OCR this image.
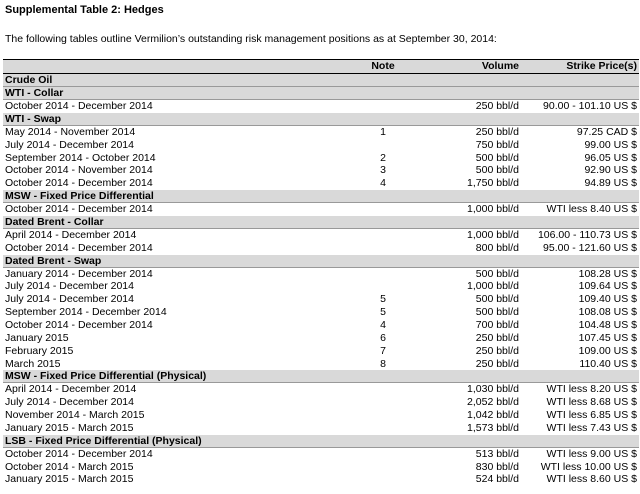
Supplemental Table 2: Hedges
The following tables outline Vermilion’s outstanding risk management positions as at September 30, 2014:
Note	Volume	Strike Price(s)
Crude Oil
WTI - Collar
October 2014 - December 2014	250 bbl/d 90.00 - 101.10 US $
WTI - Swap
May 2014 - November 2014	1	250 bbl/d	97.25 CAD $
July 2014 - December 2014	750 bbl/d	99.00 US $
September 2014 - October 2014	2	500 bbl/d	96.05 US $
October 2014 - November 2014	3	500 bbl/d	92.90 US $
October 2014 - December 2014	4	1,750 bbl/d	94.89 US $
MSW - Fixed Price Differential
October 2014 - December 2014	1,000 bbl/d	WTI less 8.40 US $
Dated Brent - Collar
April 2014 - December 2014	1,000 bbl/d 106.00 - 110.73 US $
October 2014 - December 2014	800 bbl/d 95.00 - 121.60 US $
Dated Brent - Swap
January 2014 - December 2014	500 bbl/d	108.28 US $
July 2014 - December 2014	1,000 bbl/d	109.64 US $
July 2014 - December 2014	5	500 bbl/d	109.40 US $
September 2014 - December 2014	5	500 bbl/d	108.08 US $
October 2014 - December 2014	4	700 bbl/d	104.48 US $
January 2015	6	250 bbl/d	107.45 US $
February 2015	7	250 bbl/d	109.00 US $
March 2015	8	250 bbl/d	110.40 US $
MSW - Fixed Price Differential (Physical)
April 2014 - December 2014	1,030 bbl/d	WTI less 8.20 US $
July 2014 - December 2014	2,052 bbl/d	WTI less 8.68 US $
November 2014 - March 2015	1,042 bbl/d	WTI less 6.85 US $
January 2015 - March 2015	1,573 bbl/d	WTI less 7.43 US $
LSB - Fixed Price Differential (Physical)
October 2014 - December 2014	513 bbl/d	WTI less 9.00 US $
October 2014 - March 2015	830 bbl/d WTI less 10.00 US $
January 2015 - March 2015	524 bbl/d	WTI less 8.60 US $
